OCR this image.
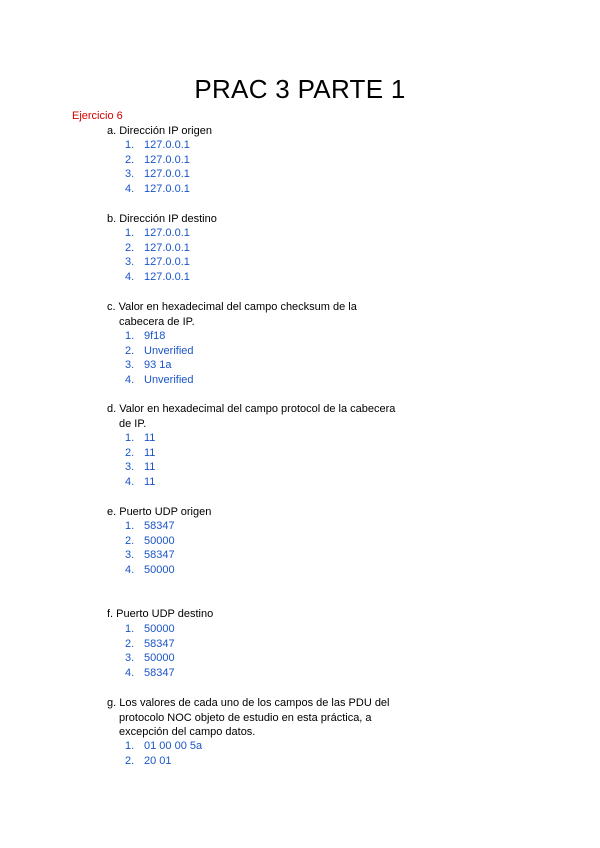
PRAC 3 PARTE 1
Ejercicio 6
a. Dirección IP origen
1. 127.0.0.1
2. 127.0.0.1
3. 127.0.0.1
4. 127.0.0.1
b. Dirección IP destino
1. 127.0.0.1
2. 127.0.0.1
3. 127.0.0.1
4. 127.0.0.1
c. Valor en hexadecimal del campo checksum de la
cabecera de IP.
1. 9f18
2. Unverified
3. 93 1a
4. Unverified
d. Valor en hexadecimal del campo protocol de la cabecera
de IP.
1. 11
2. 11
3. 11
4. 11
e. Puerto UDP origen
1. 58347
2. 50000
3. 58347
4. 50000
f. Puerto UDP destino
1. 50000
2. 58347
3. 50000
4. 58347
g. Los valores de cada uno de los campos de las PDU del
protocolo NOC objeto de estudio en esta práctica, a
excepción del campo datos.
1. 01 00 00 5a
2. 20 01
